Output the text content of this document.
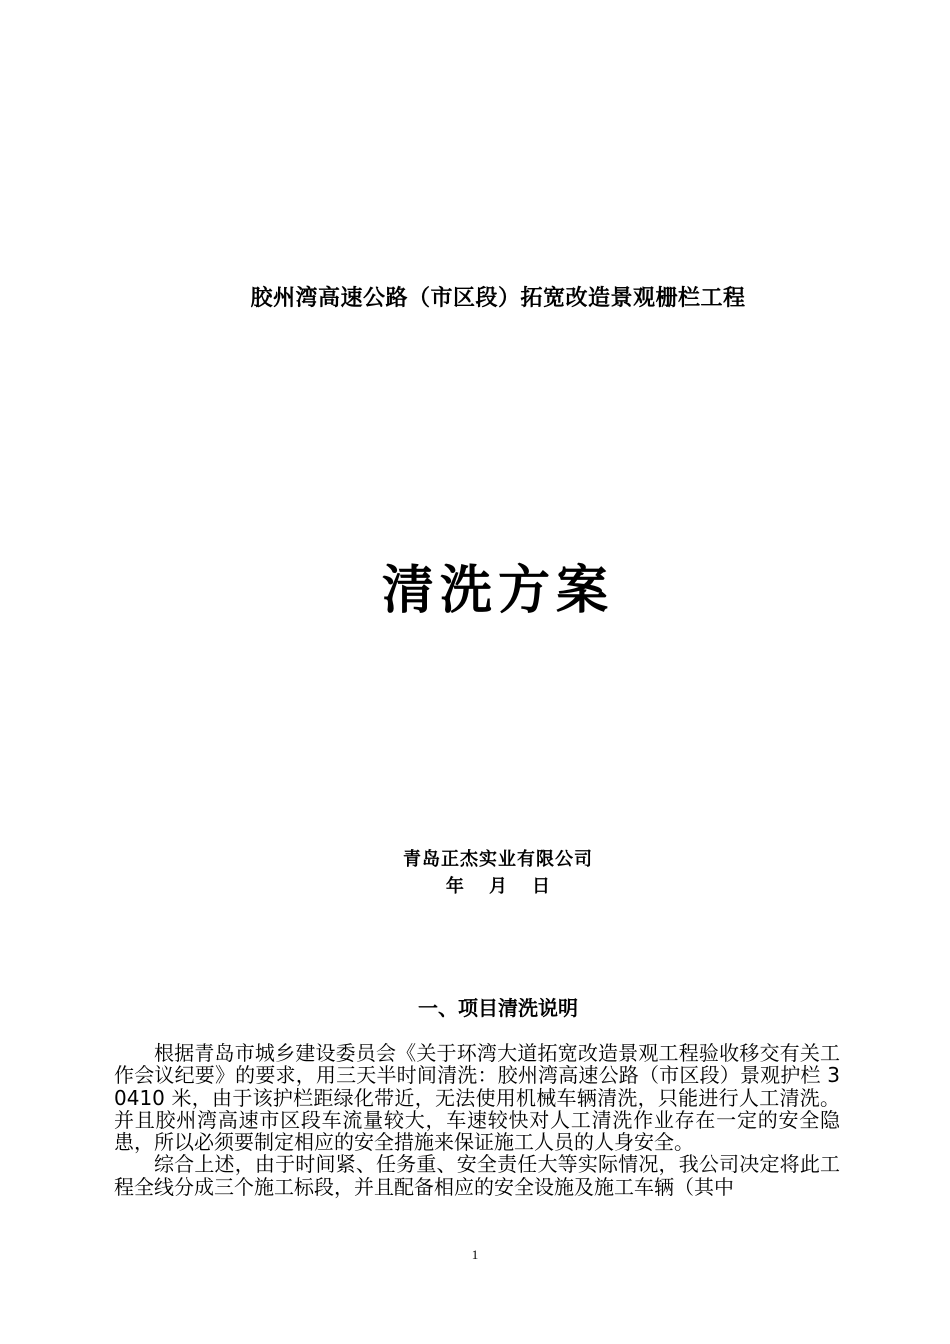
胶州湾高速公路（市区段）拓宽改造景观栅栏工程
清洗方案
青岛正杰实业有限公司
年    月    日
一、项目清洗说明

根据青岛市城乡建设委员会《关于环湾大道拓宽改造景观工程验收移交有关工作会议纪要》的要求，用三天半时间清洗：胶州湾高速公路（市区段）景观护栏 30410 米，由于该护栏距绿化带近，无法使用机械车辆清洗，只能进行人工清洗。并且胶州湾高速市区段车流量较大，车速较快对人工清洗作业存在一定的安全隐患，所以必须要制定相应的安全措施来保证施工人员的人身安全。

综合上述，由于时间紧、任务重、安全责任大等实际情况，我公司决定将此工程全线分成三个施工标段，并且配备相应的安全设施及施工车辆（其中

1
